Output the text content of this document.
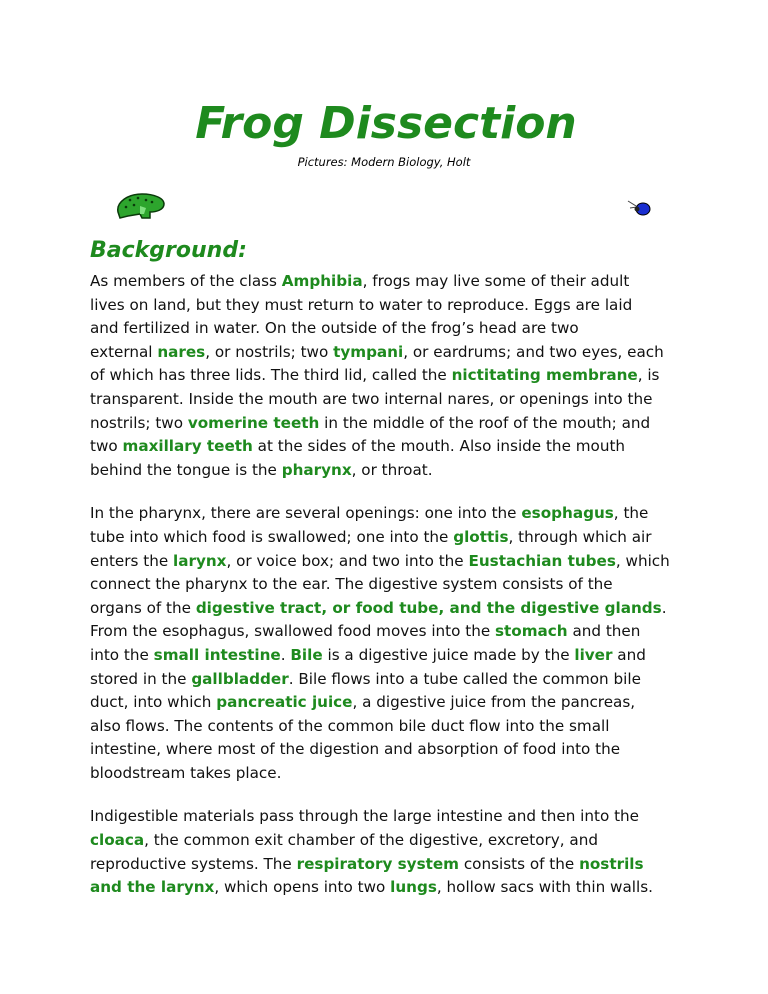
Frog Dissection
Pictures: Modern Biology, Holt
Background:
As members of the class Amphibia, frogs may live some of their adult
lives on land, but they must return to water to reproduce. Eggs are laid
and fertilized in water. On the outside of the frog’s head are two
external nares, or nostrils; two tympani, or eardrums; and two eyes, each
of which has three lids. The third lid, called the nictitating membrane, is
transparent. Inside the mouth are two internal nares, or openings into the
nostrils; two vomerine teeth in the middle of the roof of the mouth; and
two maxillary teeth at the sides of the mouth. Also inside the mouth
behind the tongue is the pharynx, or throat.
In the pharynx, there are several openings: one into the esophagus, the
tube into which food is swallowed; one into the glottis, through which air
enters the larynx, or voice box; and two into the Eustachian tubes, which
connect the pharynx to the ear. The digestive system consists of the
organs of the digestive tract, or food tube, and the digestive glands.
From the esophagus, swallowed food moves into the stomach and then
into the small intestine. Bile is a digestive juice made by the liver and
stored in the gallbladder. Bile flows into a tube called the common bile
duct, into which pancreatic juice, a digestive juice from the pancreas,
also flows. The contents of the common bile duct flow into the small
intestine, where most of the digestion and absorption of food into the
bloodstream takes place.
Indigestible materials pass through the large intestine and then into the
cloaca, the common exit chamber of the digestive, excretory, and
reproductive systems. The respiratory system consists of the nostrils
and the larynx, which opens into two lungs, hollow sacs with thin walls.
